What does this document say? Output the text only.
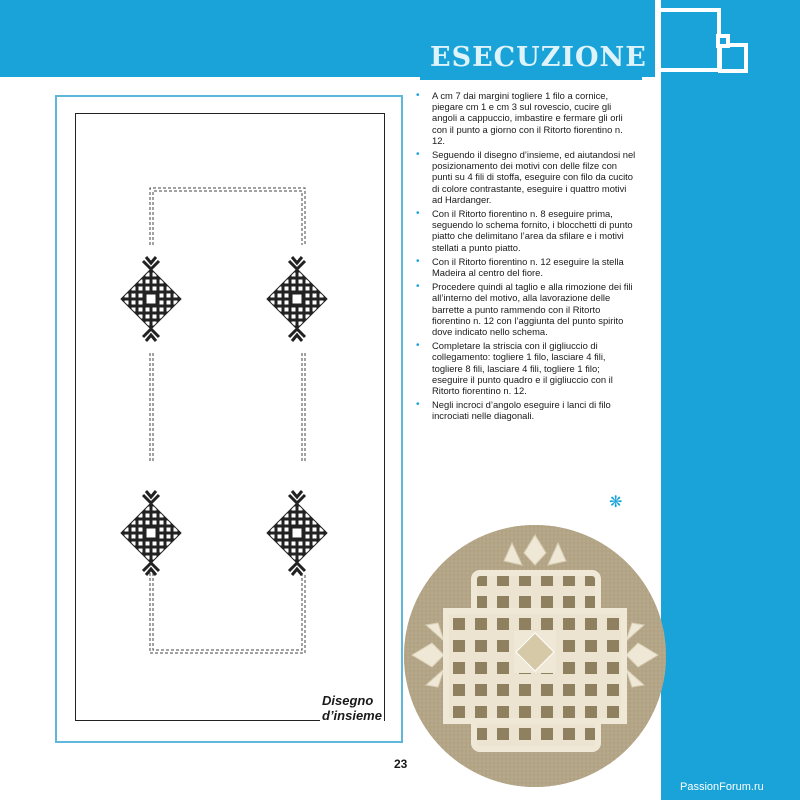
ESECUZIONE
Disegno
d’insieme
• A cm 7 dai margini togliere 1 filo a cornice, piegare cm 1 e cm 3 sul rovescio, cucire gli angoli a cappuccio, imbastire e fermare gli orli con il punto a giorno con il Ritorto fiorentino n. 12.
• Seguendo il disegno d’insieme, ed aiutandosi nel posizionamento dei motivi con delle filze con punti su 4 fili di stoffa, eseguire con filo da cucito di colore contrastante, eseguire i quattro motivi ad Hardanger.
• Con il Ritorto fiorentino n. 8 eseguire prima, seguendo lo schema fornito, i blocchetti di punto piatto che delimitano l’area da sfilare e i motivi stellati a punto piatto.
• Con il Ritorto fiorentino n. 12 eseguire la stella Madeira al centro del fiore.
• Procedere quindi al taglio e alla rimozione dei fili all’interno del motivo, alla lavorazione delle barrette a punto rammendo con il Ritorto fiorentino n. 12 con l’aggiunta del punto spirito dove indicato nello schema.
• Completare la striscia con il gigliuccio di collegamento: togliere 1 filo, lasciare 4 fili, togliere 8 fili, lasciare 4 fili, togliere 1 filo; eseguire il punto quadro e il gigliuccio con il Ritorto fiorentino n. 12.
• Negli incroci d’angolo eseguire i lanci di filo incrociati nelle diagonali.
❋
23
PassionForum.ru
